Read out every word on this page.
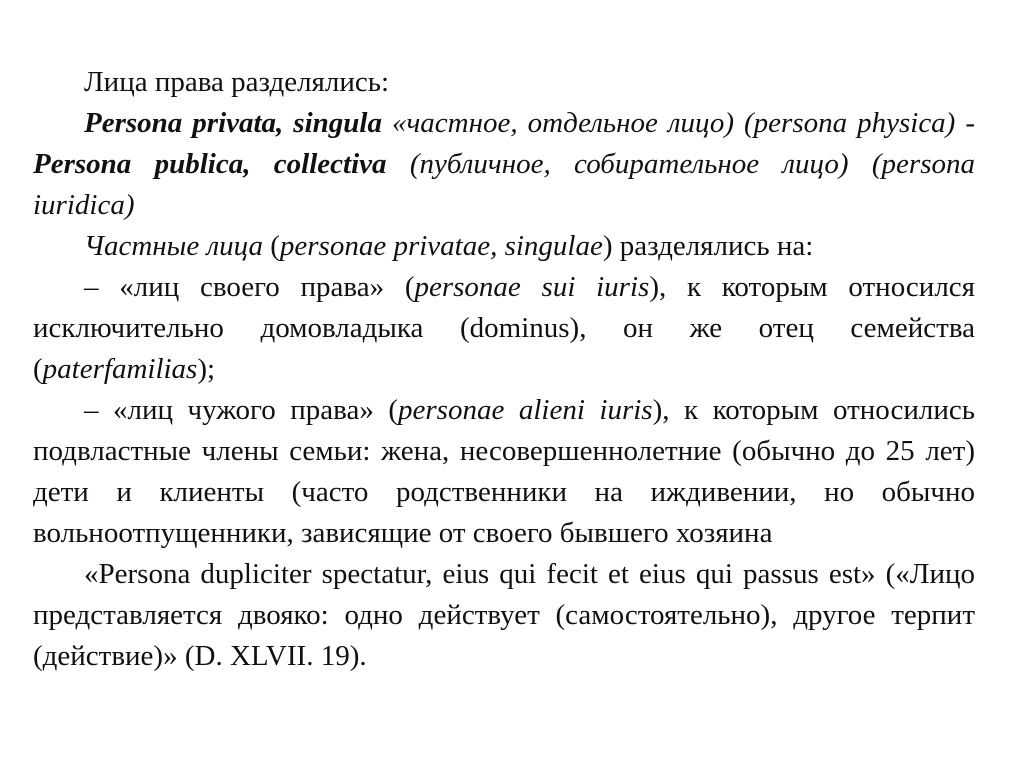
Лица права разделялись:

Persona privata, singula «частное, отдельное лицо) (persona physica) - Persona publica, collectiva (публичное, собирательное лицо) (persona iuridica)

Частные лица (personae privatae, singulae) разделялись на:

– «лиц своего права» (personae sui iuris), к которым относился исключительно домовладыка (dominus), он же отец семейства (paterfamilias);

– «лиц чужого права» (personae alieni iuris), к которым относились подвластные члены семьи: жена, несовершеннолетние (обычно до 25 лет) дети и клиенты (часто родственники на иждивении, но обычно вольноотпущенники, зависящие от своего бывшего хозяина

«Persona dupliciter spectatur, eius qui fecit et eius qui passus est» («Лицо представляется двояко: одно действует (самостоятельно), другое терпит (действие)» (D. XLVII. 19).
